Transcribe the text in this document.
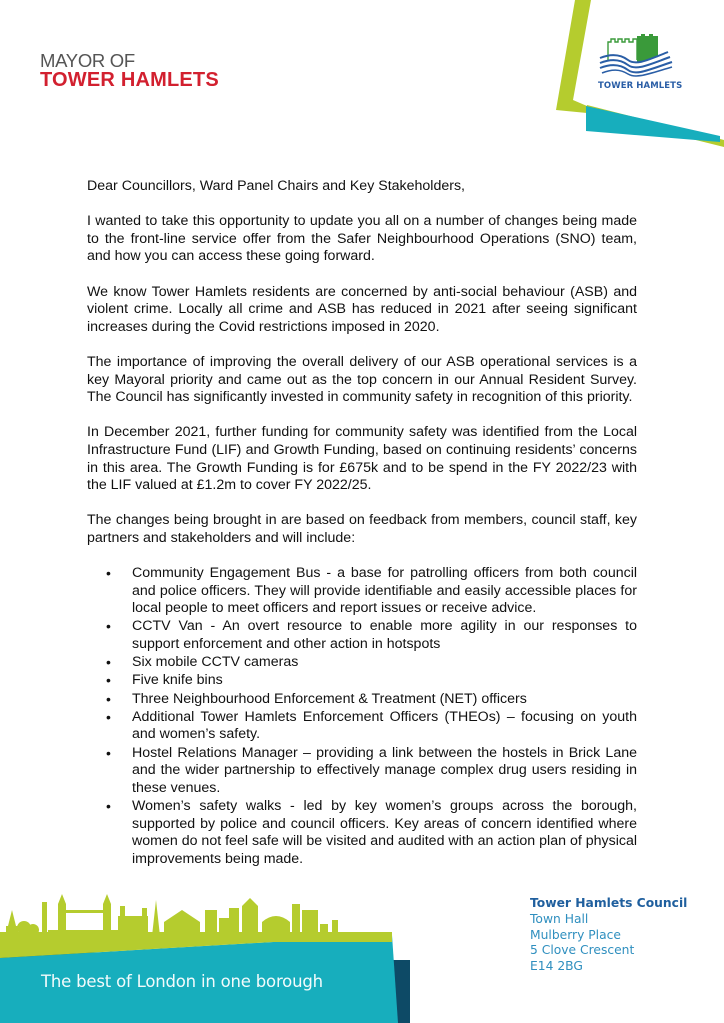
MAYOR OF
TOWER HAMLETS	TOWER HAMLETS

Dear Councillors, Ward Panel Chairs and Key Stakeholders,

I wanted to take this opportunity to update you all on a number of changes being made to the front-line service offer from the Safer Neighbourhood Operations (SNO) team, and how you can access these going forward.

We know Tower Hamlets residents are concerned by anti-social behaviour (ASB) and violent crime. Locally all crime and ASB has reduced in 2021 after seeing significant increases during the Covid restrictions imposed in 2020.

The importance of improving the overall delivery of our ASB operational services is a key Mayoral priority and came out as the top concern in our Annual Resident Survey. The Council has significantly invested in community safety in recognition of this priority.

In December 2021, further funding for community safety was identified from the Local Infrastructure Fund (LIF) and Growth Funding, based on continuing residents’ concerns in this area. The Growth Funding is for £675k and to be spend in the FY 2022/23 with the LIF valued at £1.2m to cover FY 2022/25.

The changes being brought in are based on feedback from members, council staff, key partners and stakeholders and will include:

• Community Engagement Bus - a base for patrolling officers from both council and police officers. They will provide identifiable and easily accessible places for local people to meet officers and report issues or receive advice.
• CCTV Van - An overt resource to enable more agility in our responses to support enforcement and other action in hotspots
• Six mobile CCTV cameras
• Five knife bins
• Three Neighbourhood Enforcement & Treatment (NET) officers
• Additional Tower Hamlets Enforcement Officers (THEOs) – focusing on youth and women’s safety.
• Hostel Relations Manager – providing a link between the hostels in Brick Lane and the wider partnership to effectively manage complex drug users residing in these venues.
• Women’s safety walks - led by key women’s groups across the borough, supported by police and council officers. Key areas of concern identified where women do not feel safe will be visited and audited with an action plan of physical improvements being made.
The best of London in one borough
Tower Hamlets Council
Town Hall
Mulberry Place
5 Clove Crescent
E14 2BG
